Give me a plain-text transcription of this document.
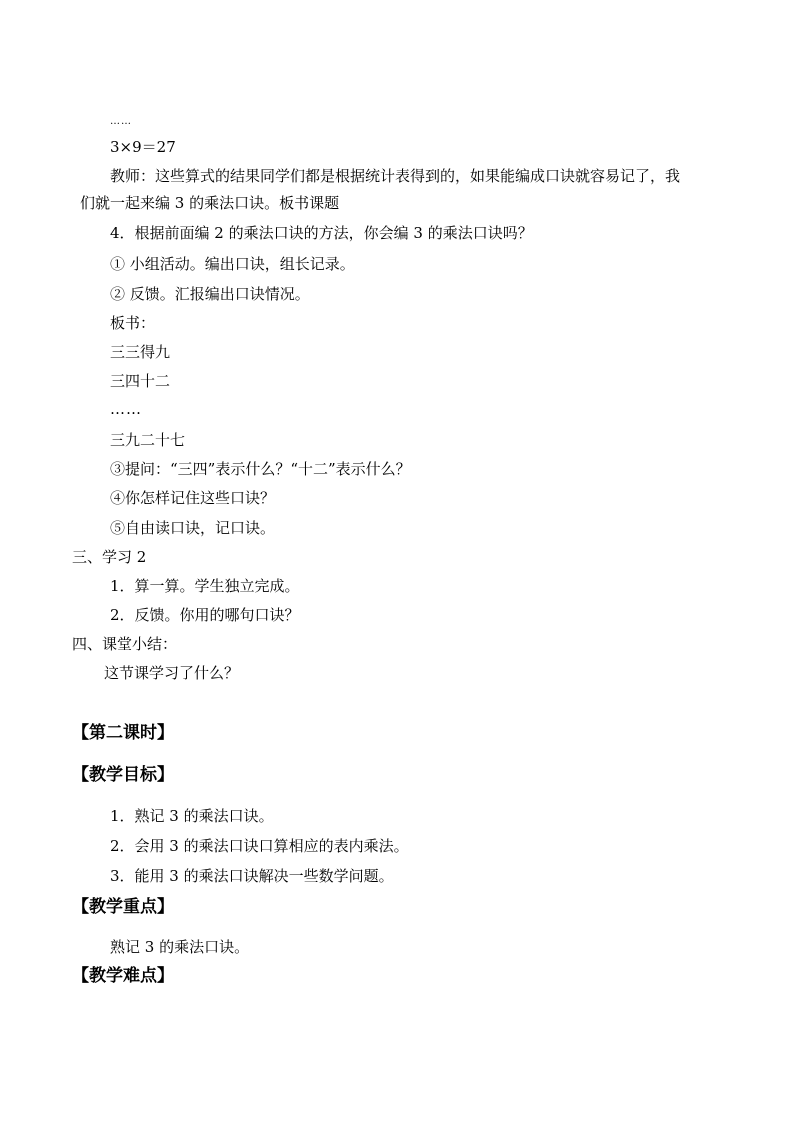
……

3×9＝27

教师：这些算式的结果同学们都是根据统计表得到的，如果能编成口诀就容易记了，我

们就一起来编 3 的乘法口诀。板书课题

4．根据前面编 2 的乘法口诀的方法，你会编 3 的乘法口诀吗？

① 小组活动。编出口诀，组长记录。

② 反馈。汇报编出口诀情况。

板书：

三三得九

三四十二

……

三九二十七

③提问：“三四”表示什么？“十二”表示什么？

④你怎样记住这些口诀？

⑤自由读口诀，记口诀。

三、学习 2

1．算一算。学生独立完成。

2．反馈。你用的哪句口诀？

四、课堂小结：

这节课学习了什么？

【第二课时】

【教学目标】

1．熟记 3 的乘法口诀。

2．会用 3 的乘法口诀口算相应的表内乘法。

3．能用 3 的乘法口诀解决一些数学问题。

【教学重点】

熟记 3 的乘法口诀。

【教学难点】
